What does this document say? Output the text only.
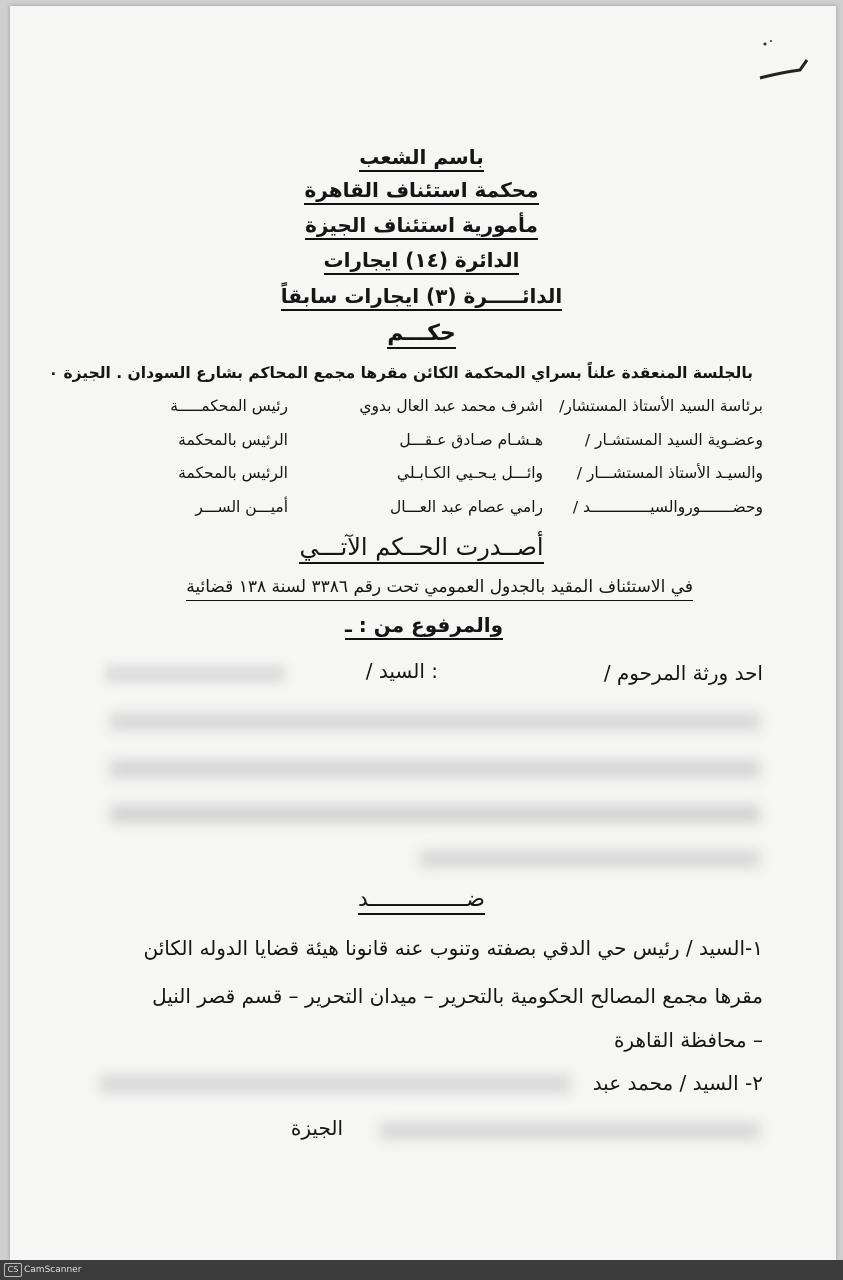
باسم الشعب
محكمة استئناف القاهرة
مأمورية استئناف الجيزة
الدائرة (١٤) ايجارات
الدائـــــرة (٣) ايجارات سابقاً
حكـــم
بالجلسة المنعقدة علناً بسراي المحكمة الكائن مقرها مجمع المحاكم بشارع السودان . الجيزة ٠
برئاسة السيد الأستاذ المستشار/
اشرف محمد عبد العال بدوي
رئيس المحكمـــــة
وعضـوية السيد المستشـار /
هـشـام صـادق عـقـــل
الرئيس بالمحكمة
والسيـد الأستاذ المستشـــار /
وائـــل يـحـيي الكـابـلي
الرئيس بالمحكمة
وحضـــــــوروالسيـــــــــــــد /
رامي عصام عبد العـــال
أميـــن الســـر
أصــدرت الحــكم الآتـــي
في الاستئناف المقيد بالجدول العمومي تحت رقم ٣٣٨٦ لسنة ١٣٨ قضائية
والمرفوع من : ـ
احد ورثة المرحوم /
: السيد /
ضـــــــــــــــد
١-السيد / رئيس حي الدقي بصفته وتنوب عنه قانونا هيئة قضايا الدوله الكائن
مقرها مجمع المصالح الحكومية بالتحرير – ميدان التحرير – قسم قصر النيل
– محافظة القاهرة
٢- السيد / محمد عبد
الجيزة
CS CamScanner
